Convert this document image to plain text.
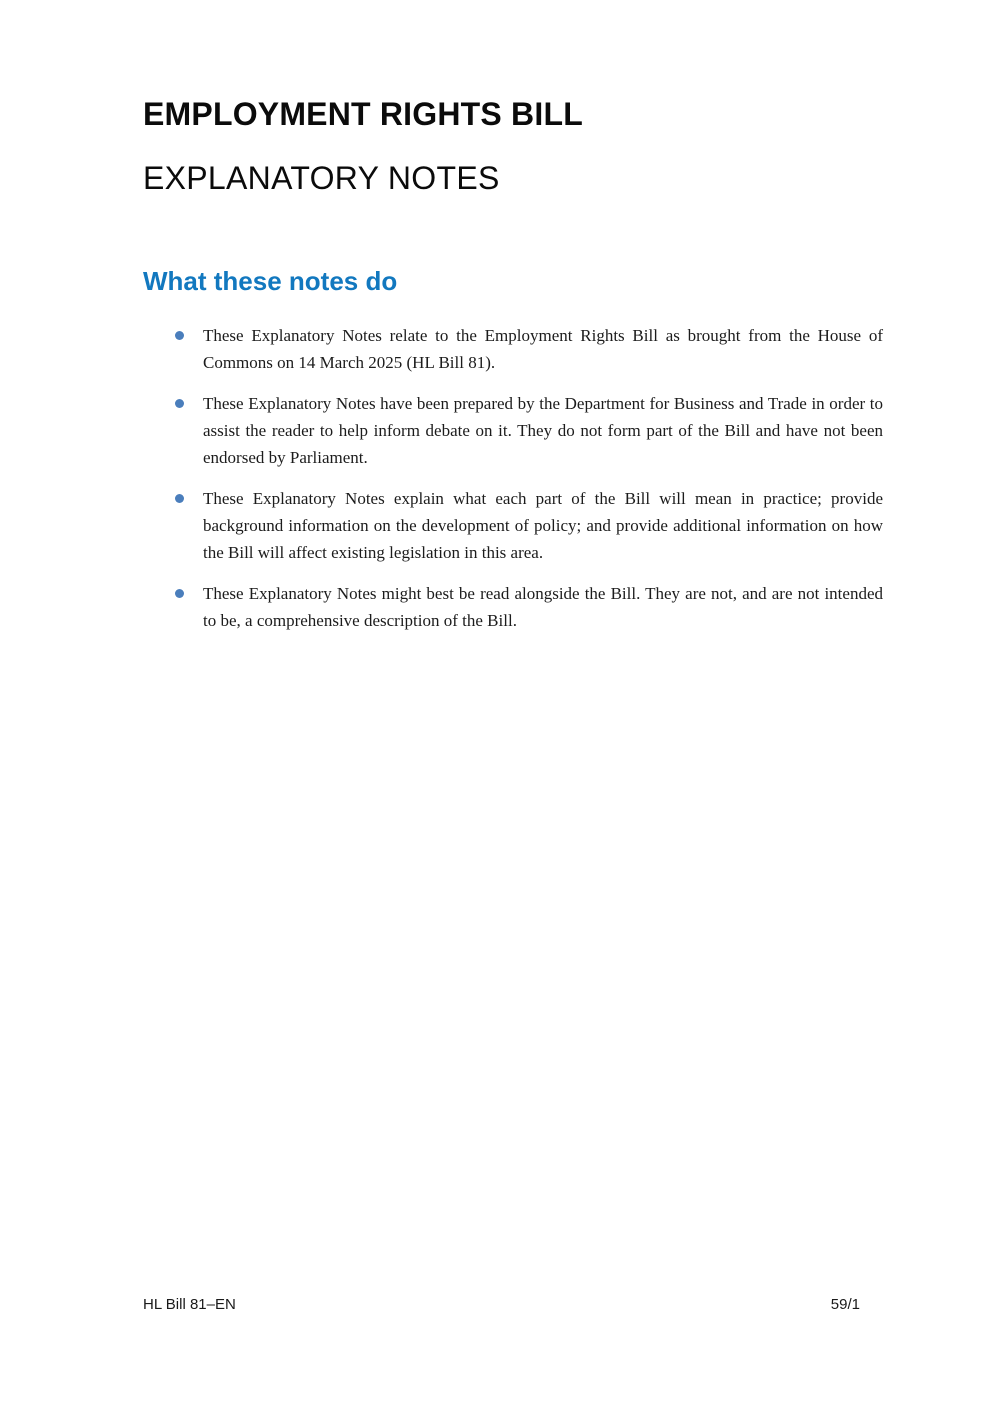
EMPLOYMENT RIGHTS BILL
EXPLANATORY NOTES
What these notes do
These Explanatory Notes relate to the Employment Rights Bill as brought from the House of Commons on 14 March 2025 (HL Bill 81).
These Explanatory Notes have been prepared by the Department for Business and Trade in order to assist the reader to help inform debate on it. They do not form part of the Bill and have not been endorsed by Parliament.
These Explanatory Notes explain what each part of the Bill will mean in practice; provide background information on the development of policy; and provide additional information on how the Bill will affect existing legislation in this area.
These Explanatory Notes might best be read alongside the Bill. They are not, and are not intended to be, a comprehensive description of the Bill.
HL Bill 81–EN	59/1
